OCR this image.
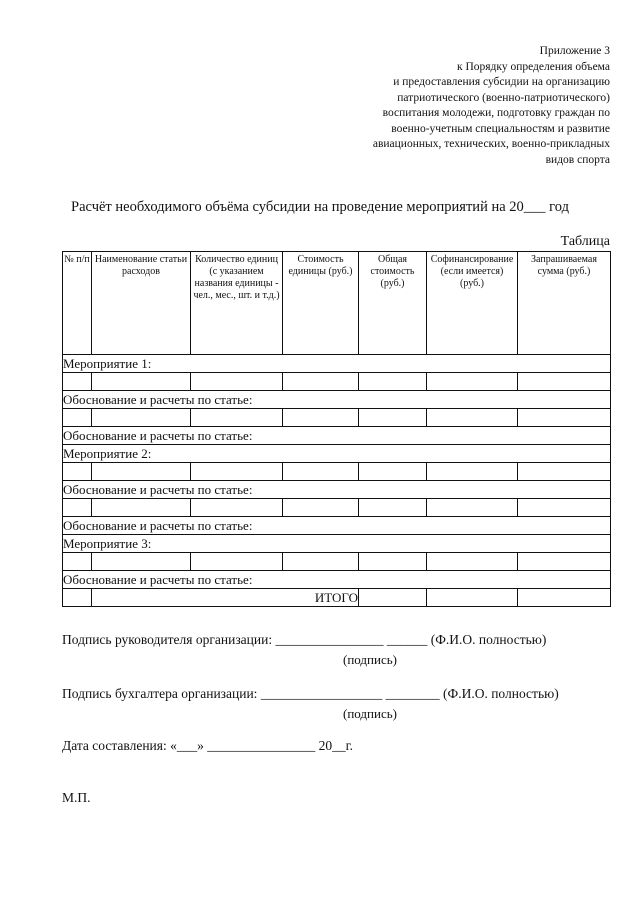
Приложение 3
к Порядку определения объема
и предоставления субсидии на организацию
патриотического (военно-патриотического)
воспитания молодежи, подготовку граждан по
военно-учетным специальностям и развитие
авиационных, технических, военно-прикладных
видов спорта
Расчёт необходимого объёма субсидии на проведение мероприятий на 20___ год
Таблица
№ п/п	Наименование статьи расходов	Количество единиц (с указанием названия единицы - чел., мес., шт. и т.д.)	Стоимость единицы (руб.)	Общая стоимость (руб.)	Софинансирование (если имеется) (руб.)	Запрашиваемая сумма (руб.)
Мероприятие 1:						

Обоснование и расчеты по статье:						

Обоснование и расчеты по статье:						
Мероприятие 2:						

Обоснование и расчеты по статье:						

Обоснование и расчеты по статье:						
Мероприятие 3:						

Обоснование и расчеты по статье:						
	ИТОГО					
Подпись руководителя организации: ________________ ______ (Ф.И.О. полностью)
(подпись)
Подпись бухгалтера организации: __________________ ________ (Ф.И.О. полностью)
(подпись)
Дата составления: «___» ________________ 20__г.
М.П.
